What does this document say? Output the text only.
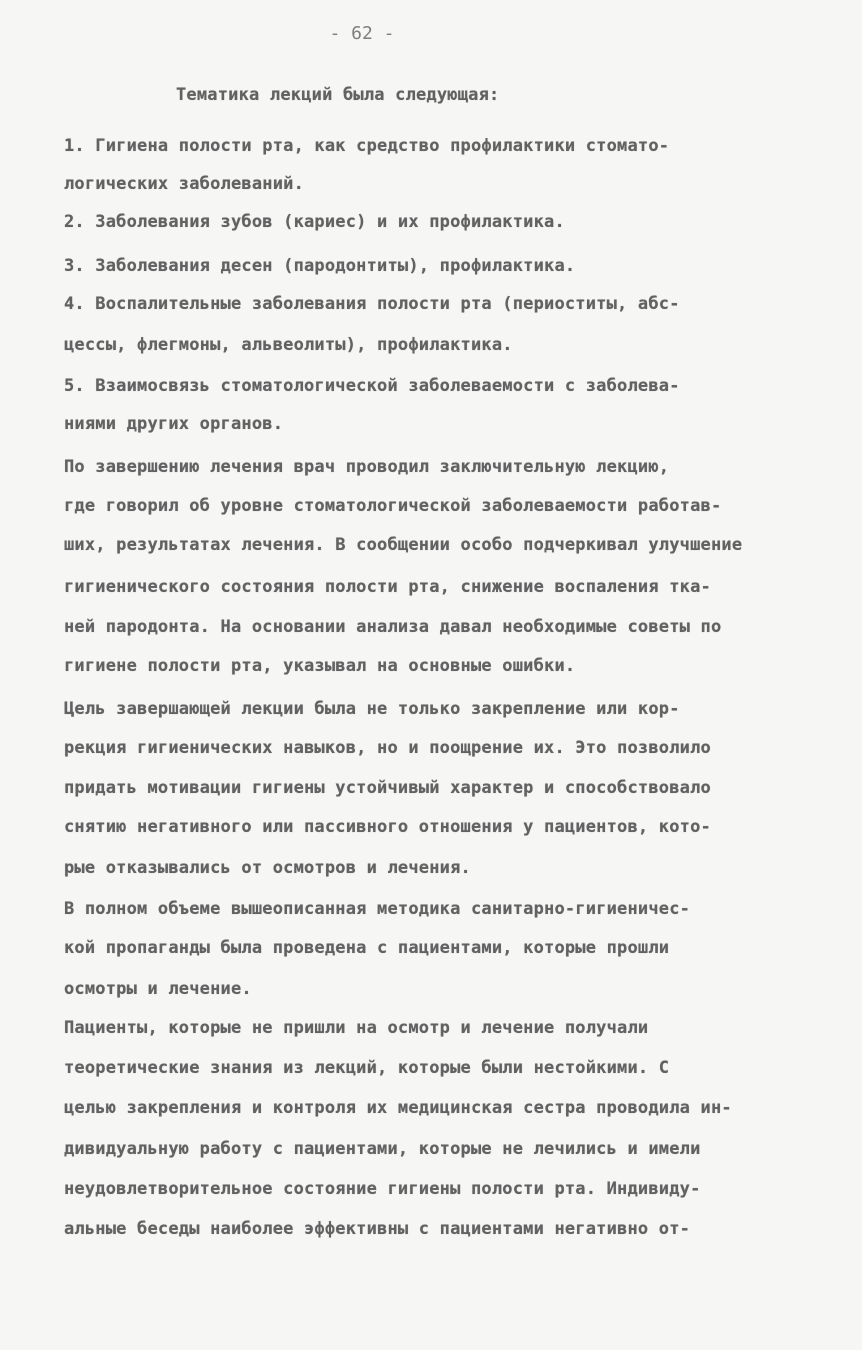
- 62 -
Тематика лекций была следующая:
1. Гигиена полости рта, как средство профилактики стомато-
логических заболеваний.
2. Заболевания зубов (кариес) и их профилактика.
3. Заболевания десен (пародонтиты), профилактика.
4. Воспалительные заболевания полости рта (периоститы, абс-
цессы, флегмоны, альвеолиты), профилактика.
5. Взаимосвязь стоматологической заболеваемости с заболева-
ниями других органов.
По завершению лечения врач проводил заключительную лекцию,
где говорил об уровне стоматологической заболеваемости работав-
ших, результатах лечения. В сообщении особо подчеркивал улучшение
гигиенического состояния полости рта, снижение воспаления тка-
ней пародонта. На основании анализа давал необходимые советы по
гигиене полости рта, указывал на основные ошибки.
Цель завершающей лекции была не только закрепление или кор-
рекция гигиенических навыков, но и поощрение их. Это позволило
придать мотивации гигиены устойчивый характер и способствовало
снятию негативного или пассивного отношения у пациентов, кото-
рые отказывались от осмотров и лечения.
В полном объеме вышеописанная методика санитарно-гигиеничес-
кой пропаганды была проведена с пациентами, которые прошли
осмотры и лечение.
Пациенты, которые не пришли на осмотр и лечение получали
теоретические знания из лекций, которые были нестойкими. С
целью закрепления и контроля их медицинская сестра проводила ин-
дивидуальную работу с пациентами, которые не лечились и имели
неудовлетворительное состояние гигиены полости рта. Индивиду-
альные беседы наиболее эффективны с пациентами негативно от-
